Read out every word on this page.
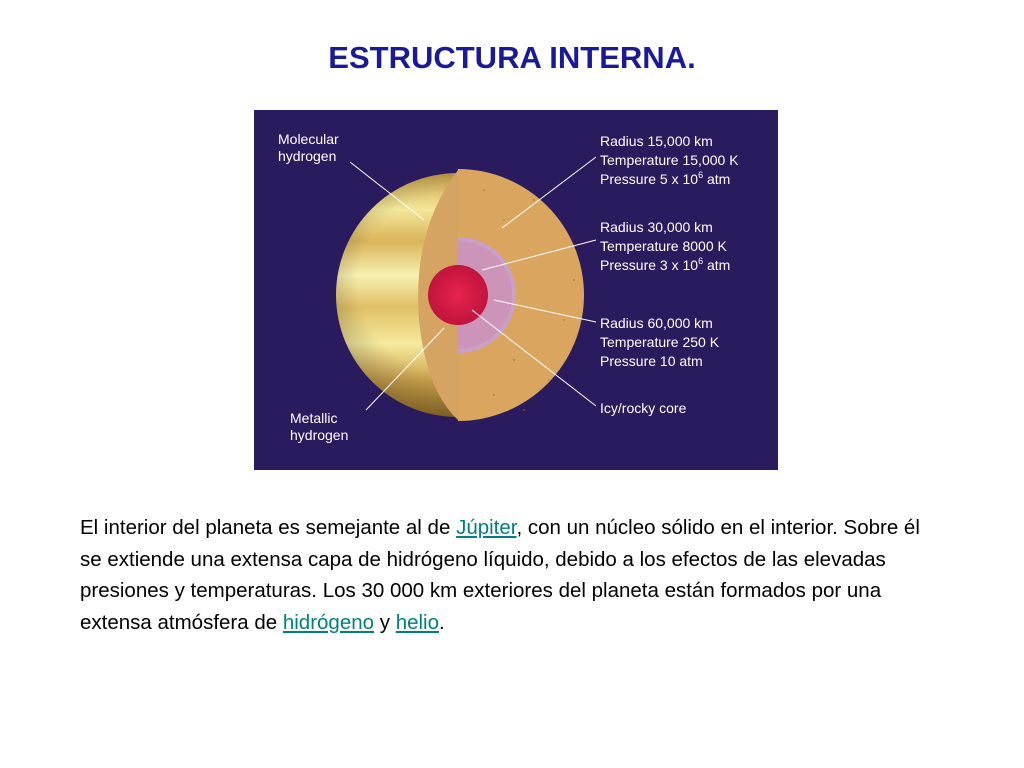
ESTRUCTURA INTERNA.
Molecular hydrogen
Metallic hydrogen
Radius 15,000 km Temperature 15,000 K Pressure 5 x $10^6$ atm
Radius 30,000 km Temperature 8000 K Pressure 3 x $10^6$ atm
Radius 60,000 km Temperature 250 K Pressure 10 atm
Icy/rocky core

El interior del planeta es semejante al de Júpiter, con un núcleo sólido en el interior. Sobre él se extiende una extensa capa de hidrógeno líquido, debido a los efectos de las elevadas presiones y temperaturas. Los 30 000 km exteriores del planeta están formados por una extensa atmósfera de hidrógeno y helio.
